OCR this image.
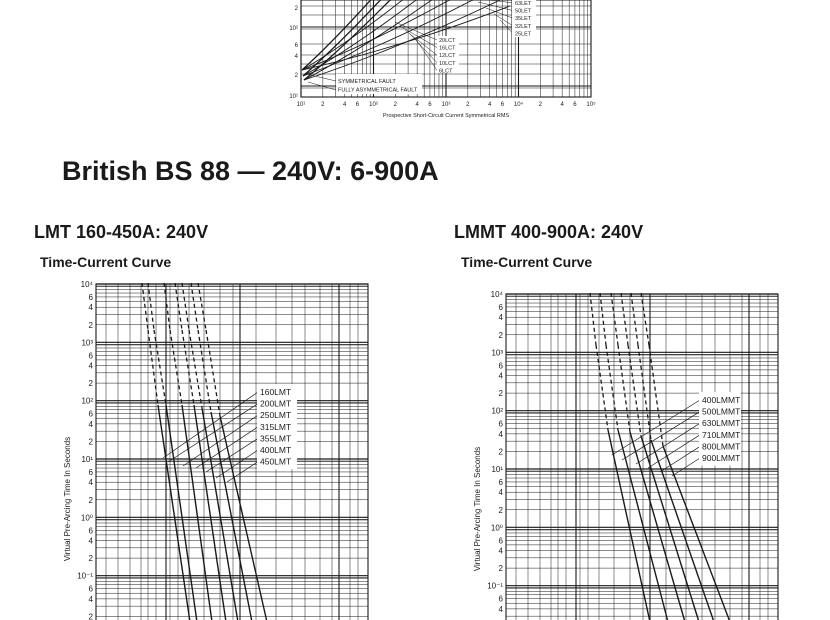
British BS 88 — 240V: 6-900A
LMT 160-450A: 240V
Time-Current Curve
LMMT 400-900A: 240V
Time-Current Curve
2
10²
6
4
2
10¹
10¹	2	4 6 10²	2	4 6 10³	2	4 6 10⁴	2	4 6 10⁵
Prospective Short-Circuit Current Symmetrical RMS
63LET
50LET
35LET
32LET
25LET
20LCT
16LCT
12LCT
10LCT
6LCT
SYMMETRICAL FAULT
FULLY ASYMMETRICAL FAULT
10⁴
6
4
2
10³
6
4
2
10²
6
4
2
10¹
6
4
2
10⁰
6
4
2
10⁻¹
6
4
2
Virtual Pre-Arcing Time In Seconds
160LMT
200LMT
250LMT
315LMT
355LMT
400LMT
450LMT
10⁴
6
4
2
10³
6
4
2
10²
6
4
2
10¹
6
4
2
10⁰
6
4
2
10⁻¹
6
4
Virtual Pre-Arcing Time In Seconds
400LMMT
500LMMT
630LMMT
710LMMT
800LMMT
900LMMT
